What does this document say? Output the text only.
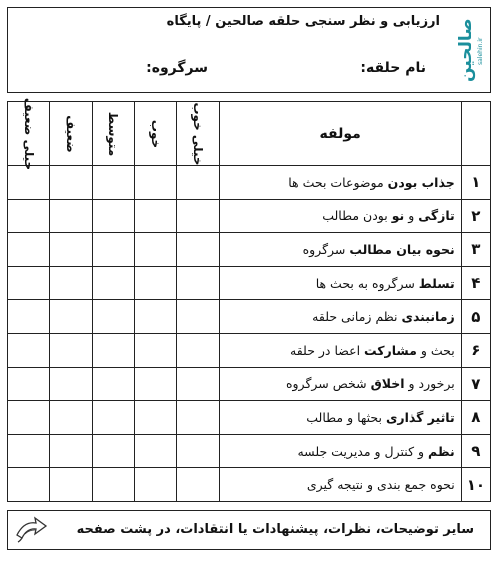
صالحین salehin.ir
ارزیابی و نظر سنجی حلقه صالحین / پایگاه
نام حلقه:
سرگروه:
	مولفه	خیلی خوب	خوب	متوسط	ضعیف	خیلی ضعیف

۱	جذاب بودن موضوعات بحث ها					
۲	تازگی و نو بودن مطالب					
۳	نحوه بیان مطالب سرگروه					
۴	تسلط سرگروه به بحث ها					
۵	زمانبندی نظم زمانی حلقه					
۶	بحث و مشارکت اعضا در حلقه					
۷	برخورد و اخلاق شخص سرگروه					
۸	تاثیر گذاری بحثها و مطالب					
۹	نظم و کنترل و مدیریت جلسه					
۱۰	نحوه جمع بندی و نتیجه گیری					
سایر توضیحات، نظرات، پیشنهادات یا انتقادات، در پشت صفحه
